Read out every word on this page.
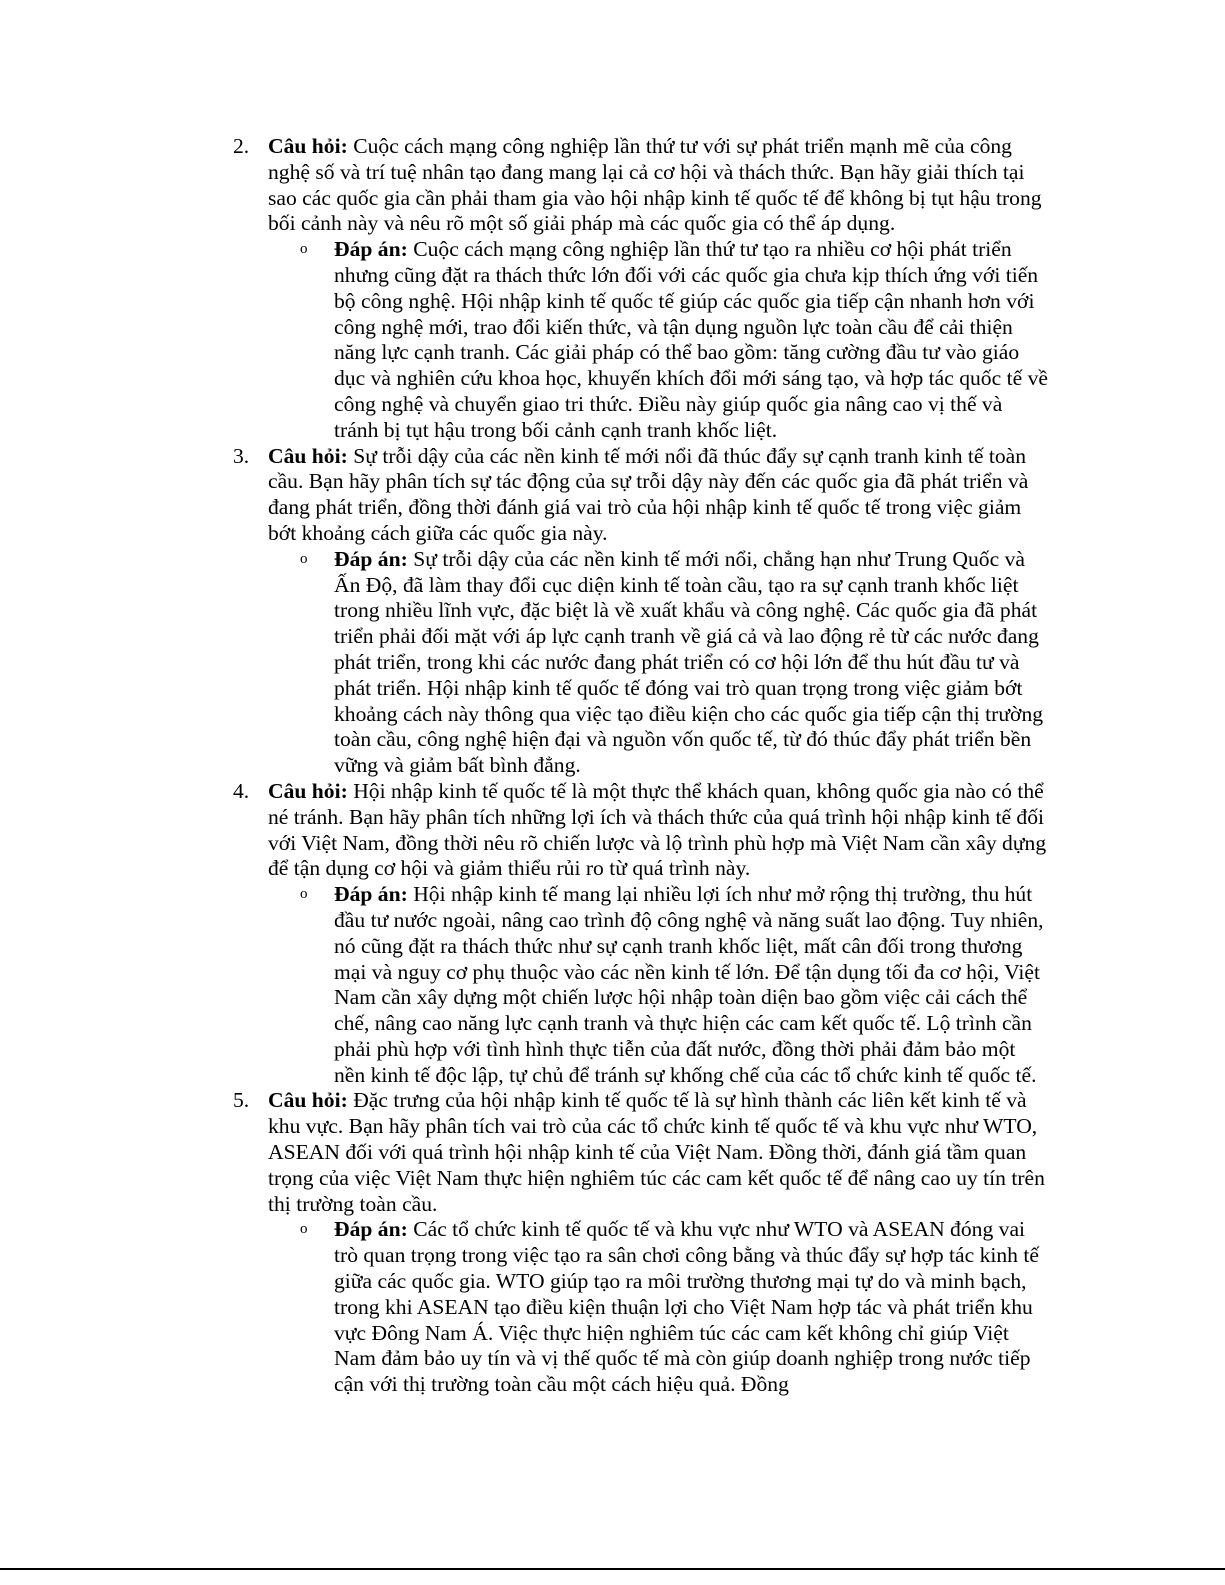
2. Câu hỏi: Cuộc cách mạng công nghiệp lần thứ tư với sự phát triển mạnh mẽ của công nghệ số và trí tuệ nhân tạo đang mang lại cả cơ hội và thách thức. Bạn hãy giải thích tại sao các quốc gia cần phải tham gia vào hội nhập kinh tế quốc tế để không bị tụt hậu trong bối cảnh này và nêu rõ một số giải pháp mà các quốc gia có thể áp dụng.
o Đáp án: Cuộc cách mạng công nghiệp lần thứ tư tạo ra nhiều cơ hội phát triển nhưng cũng đặt ra thách thức lớn đối với các quốc gia chưa kịp thích ứng với tiến bộ công nghệ. Hội nhập kinh tế quốc tế giúp các quốc gia tiếp cận nhanh hơn với công nghệ mới, trao đổi kiến thức, và tận dụng nguồn lực toàn cầu để cải thiện năng lực cạnh tranh. Các giải pháp có thể bao gồm: tăng cường đầu tư vào giáo dục và nghiên cứu khoa học, khuyến khích đổi mới sáng tạo, và hợp tác quốc tế về công nghệ và chuyển giao tri thức. Điều này giúp quốc gia nâng cao vị thế và tránh bị tụt hậu trong bối cảnh cạnh tranh khốc liệt.
3. Câu hỏi: Sự trỗi dậy của các nền kinh tế mới nổi đã thúc đẩy sự cạnh tranh kinh tế toàn cầu. Bạn hãy phân tích sự tác động của sự trỗi dậy này đến các quốc gia đã phát triển và đang phát triển, đồng thời đánh giá vai trò của hội nhập kinh tế quốc tế trong việc giảm bớt khoảng cách giữa các quốc gia này.
o Đáp án: Sự trỗi dậy của các nền kinh tế mới nổi, chẳng hạn như Trung Quốc và Ấn Độ, đã làm thay đổi cục diện kinh tế toàn cầu, tạo ra sự cạnh tranh khốc liệt trong nhiều lĩnh vực, đặc biệt là về xuất khẩu và công nghệ. Các quốc gia đã phát triển phải đối mặt với áp lực cạnh tranh về giá cả và lao động rẻ từ các nước đang phát triển, trong khi các nước đang phát triển có cơ hội lớn để thu hút đầu tư và phát triển. Hội nhập kinh tế quốc tế đóng vai trò quan trọng trong việc giảm bớt khoảng cách này thông qua việc tạo điều kiện cho các quốc gia tiếp cận thị trường toàn cầu, công nghệ hiện đại và nguồn vốn quốc tế, từ đó thúc đẩy phát triển bền vững và giảm bất bình đẳng.
4. Câu hỏi: Hội nhập kinh tế quốc tế là một thực thể khách quan, không quốc gia nào có thể né tránh. Bạn hãy phân tích những lợi ích và thách thức của quá trình hội nhập kinh tế đối với Việt Nam, đồng thời nêu rõ chiến lược và lộ trình phù hợp mà Việt Nam cần xây dựng để tận dụng cơ hội và giảm thiểu rủi ro từ quá trình này.
o Đáp án: Hội nhập kinh tế mang lại nhiều lợi ích như mở rộng thị trường, thu hút đầu tư nước ngoài, nâng cao trình độ công nghệ và năng suất lao động. Tuy nhiên, nó cũng đặt ra thách thức như sự cạnh tranh khốc liệt, mất cân đối trong thương mại và nguy cơ phụ thuộc vào các nền kinh tế lớn. Để tận dụng tối đa cơ hội, Việt Nam cần xây dựng một chiến lược hội nhập toàn diện bao gồm việc cải cách thể chế, nâng cao năng lực cạnh tranh và thực hiện các cam kết quốc tế. Lộ trình cần phải phù hợp với tình hình thực tiễn của đất nước, đồng thời phải đảm bảo một nền kinh tế độc lập, tự chủ để tránh sự khống chế của các tổ chức kinh tế quốc tế.
5. Câu hỏi: Đặc trưng của hội nhập kinh tế quốc tế là sự hình thành các liên kết kinh tế và khu vực. Bạn hãy phân tích vai trò của các tổ chức kinh tế quốc tế và khu vực như WTO, ASEAN đối với quá trình hội nhập kinh tế của Việt Nam. Đồng thời, đánh giá tầm quan trọng của việc Việt Nam thực hiện nghiêm túc các cam kết quốc tế để nâng cao uy tín trên thị trường toàn cầu.
o Đáp án: Các tổ chức kinh tế quốc tế và khu vực như WTO và ASEAN đóng vai trò quan trọng trong việc tạo ra sân chơi công bằng và thúc đẩy sự hợp tác kinh tế giữa các quốc gia. WTO giúp tạo ra môi trường thương mại tự do và minh bạch, trong khi ASEAN tạo điều kiện thuận lợi cho Việt Nam hợp tác và phát triển khu vực Đông Nam Á. Việc thực hiện nghiêm túc các cam kết không chỉ giúp Việt Nam đảm bảo uy tín và vị thế quốc tế mà còn giúp doanh nghiệp trong nước tiếp cận với thị trường toàn cầu một cách hiệu quả. Đồng
